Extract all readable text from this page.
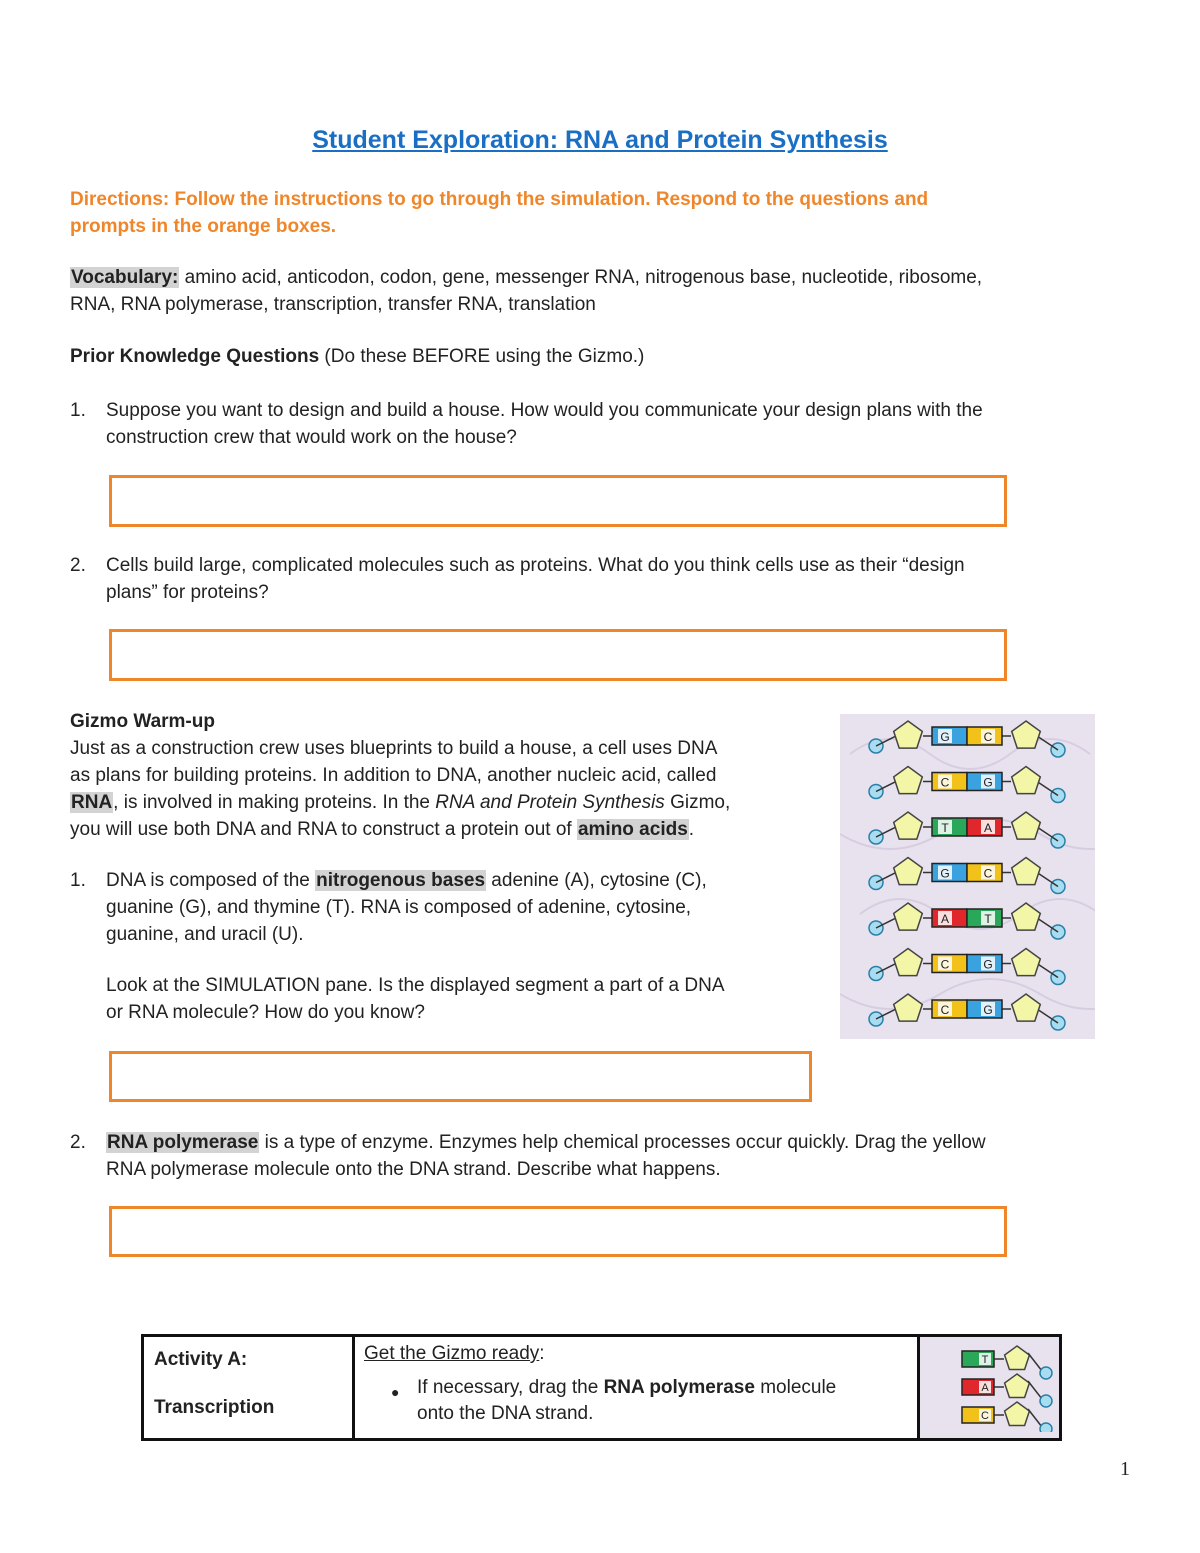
Student Exploration: RNA and Protein Synthesis
Directions: Follow the instructions to go through the simulation. Respond to the questions and
prompts in the orange boxes.
Vocabulary: amino acid, anticodon, codon, gene, messenger RNA, nitrogenous base, nucleotide, ribosome,
RNA, RNA polymerase, transcription, transfer RNA, translation
Prior Knowledge Questions (Do these BEFORE using the Gizmo.)
1. Suppose you want to design and build a house. How would you communicate your design plans with the
construction crew that would work on the house?
2. Cells build large, complicated molecules such as proteins. What do you think cells use as their “design
plans” for proteins?
Gizmo Warm-up
Just as a construction crew uses blueprints to build a house, a cell uses DNA
as plans for building proteins. In addition to DNA, another nucleic acid, called
RNA, is involved in making proteins. In the RNA and Protein Synthesis Gizmo,
you will use both DNA and RNA to construct a protein out of amino acids.
1. DNA is composed of the nitrogenous bases adenine (A), cytosine (C),
guanine (G), and thymine (T). RNA is composed of adenine, cytosine,
guanine, and uracil (U).
Look at the SIMULATION pane. Is the displayed segment a part of a DNA
or RNA molecule? How do you know?
G	C
C	G
T	A
G	C
A	T
C	G
C	G
2. RNA polymerase is a type of enzyme. Enzymes help chemical processes occur quickly. Drag the yellow
RNA polymerase molecule onto the DNA strand. Describe what happens.
Activity A:
Transcription

Get the Gizmo ready:
● If necessary, drag the RNA polymerase molecule
onto the DNA strand.

T
A
C
1
